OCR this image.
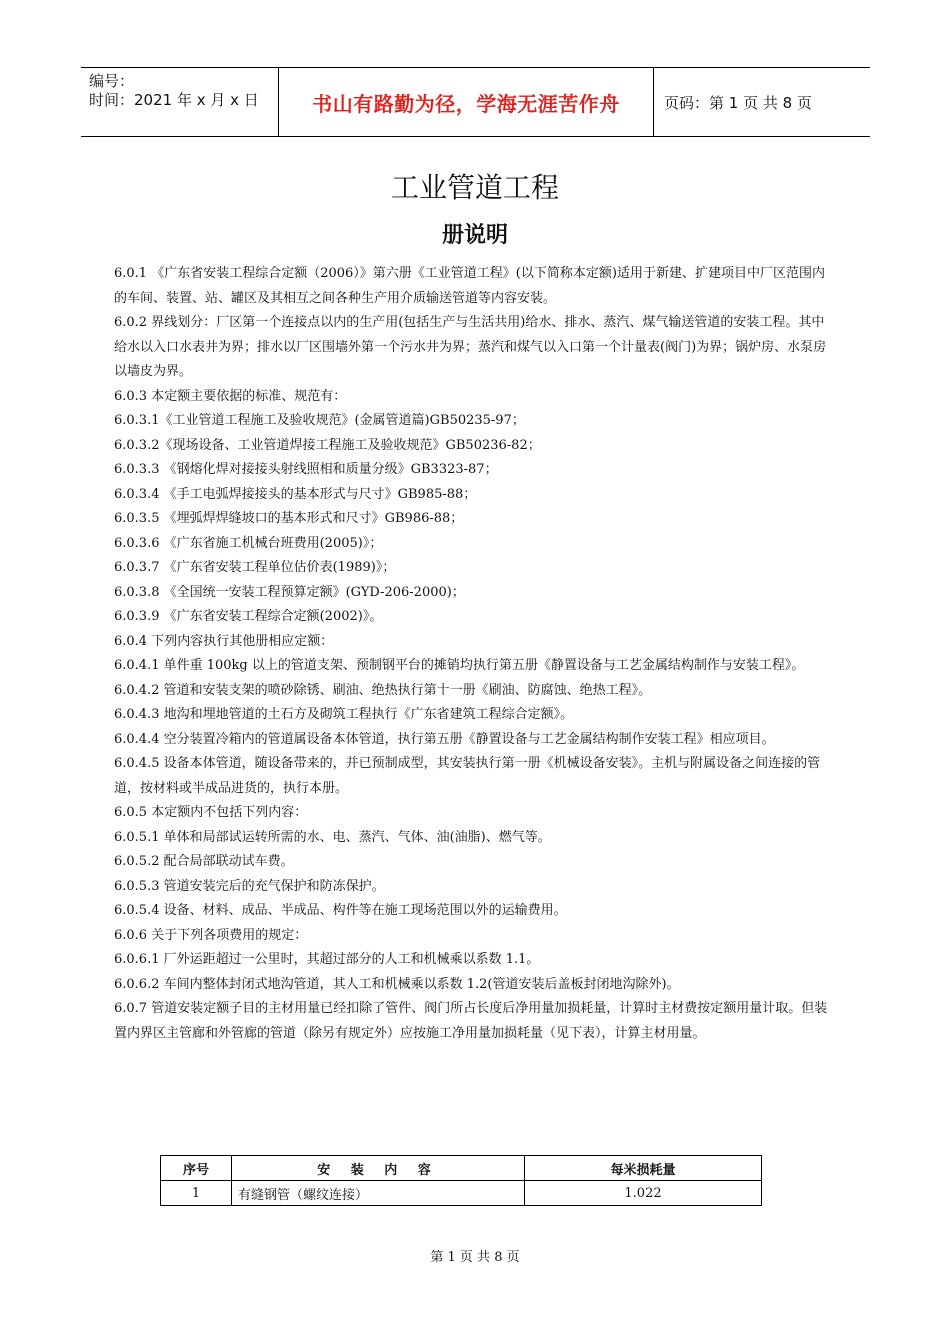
编号：
时间：2021 年 x 月 x 日	书山有路勤为径，学海无涯苦作舟	页码：第 1 页 共 8 页
工业管道工程
册说明

6.0.1 《广东省安装工程综合定额（2006）》第六册《工业管道工程》(以下简称本定额)适用于新建、扩建项目中厂区范围内的车间、装置、站、罐区及其相互之间各种生产用介质输送管道等内容安装。

6.0.2 界线划分：厂区第一个连接点以内的生产用(包括生产与生活共用)给水、排水、蒸汽、煤气输送管道的安装工程。其中给水以入口水表井为界；排水以厂区围墙外第一个污水井为界；蒸汽和煤气以入口第一个计量表(阀门)为界；锅炉房、水泵房以墙皮为界。

6.0.3 本定额主要依据的标准、规范有：

6.0.3.1《工业管道工程施工及验收规范》(金属管道篇)GB50235-97；

6.0.3.2《现场设备、工业管道焊接工程施工及验收规范》GB50236-82；

6.0.3.3 《钢熔化焊对接接头射线照相和质量分级》GB3323-87；

6.0.3.4 《手工电弧焊接接头的基本形式与尺寸》GB985-88；

6.0.3.5 《埋弧焊焊缝坡口的基本形式和尺寸》GB986-88；

6.0.3.6 《广东省施工机械台班费用(2005)》；

6.0.3.7 《广东省安装工程单位估价表(1989)》；

6.0.3.8 《全国统一安装工程预算定额》(GYD-206-2000)；

6.0.3.9 《广东省安装工程综合定额(2002)》。

6.0.4 下列内容执行其他册相应定额：

6.0.4.1 单件重 100kg 以上的管道支架、预制钢平台的摊销均执行第五册《静置设备与工艺金属结构制作与安装工程》。

6.0.4.2 管道和安装支架的喷砂除锈、刷油、绝热执行第十一册《刷油、防腐蚀、绝热工程》。

6.0.4.3 地沟和埋地管道的土石方及砌筑工程执行《广东省建筑工程综合定额》。

6.0.4.4 空分装置冷箱内的管道属设备本体管道，执行第五册《静置设备与工艺金属结构制作安装工程》相应项目。

6.0.4.5 设备本体管道，随设备带来的，并已预制成型，其安装执行第一册《机械设备安装》。主机与附属设备之间连接的管道，按材料或半成品进货的，执行本册。

6.0.5 本定额内不包括下列内容：

6.0.5.1 单体和局部试运转所需的水、电、蒸汽、气体、油(油脂)、燃气等。

6.0.5.2 配合局部联动试车费。

6.0.5.3 管道安装完后的充气保护和防冻保护。

6.0.5.4 设备、材料、成品、半成品、构件等在施工现场范围以外的运输费用。

6.0.6 关于下列各项费用的规定：

6.0.6.1 厂外运距超过一公里时，其超过部分的人工和机械乘以系数 1.1。

6.0.6.2 车间内整体封闭式地沟管道，其人工和机械乘以系数 1.2(管道安装后盖板封闭地沟除外)。

6.0.7 管道安装定额子目的主材用量已经扣除了管件、阀门所占长度后净用量加损耗量，计算时主材费按定额用量计取。但装置内界区主管廊和外管廊的管道（除另有规定外）应按施工净用量加损耗量（见下表），计算主材用量。

序号	安 装 内 容	每米损耗量
1	有缝钢管（螺纹连接）	1.022
第 1 页 共 8 页
